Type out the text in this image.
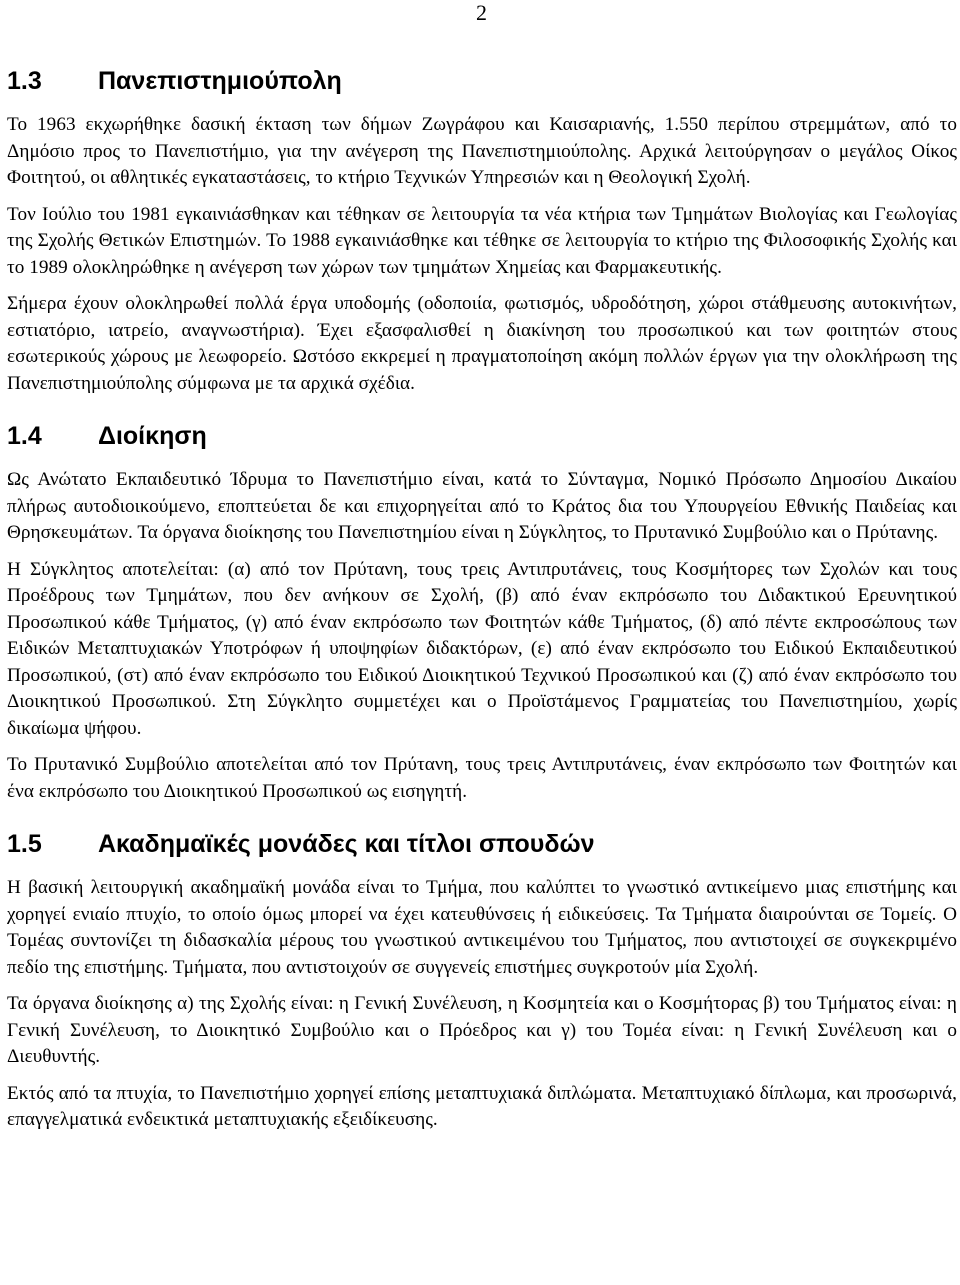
2
1.3	Πανεπιστημιούπολη

Το 1963 εκχωρήθηκε δασική έκταση των δήμων Ζωγράφου και Καισαριανής, 1.550 περίπου στρεμμάτων, από το Δημόσιο προς το Πανεπιστήμιο, για την ανέγερση της Πανεπιστημιούπολης. Αρχικά λειτούργησαν ο μεγάλος Οίκος Φοιτητού, οι αθλητικές εγκαταστάσεις, το κτήριο Τεχνικών Υπηρεσιών και η Θεολογική Σχολή.

Τον Ιούλιο του 1981 εγκαινιάσθηκαν και τέθηκαν σε λειτουργία τα νέα κτήρια των Τμημάτων Βιολογίας και Γεωλογίας της Σχολής Θετικών Επιστημών. Το 1988 εγκαινιάσθηκε και τέθηκε σε λειτουργία το κτήριο της Φιλοσοφικής Σχολής και το 1989 ολοκληρώθηκε η ανέγερση των χώρων των τμημάτων Χημείας και Φαρμακευτικής.

Σήμερα έχουν ολοκληρωθεί πολλά έργα υποδομής (οδοποιία, φωτισμός, υδροδότηση, χώροι στάθμευσης αυτοκινήτων, εστιατόριο, ιατρείο, αναγνωστήρια). Έχει εξασφαλισθεί η διακίνηση του προσωπικού και των φοιτητών στους εσωτερικούς χώρους με λεωφορείο. Ωστόσο εκκρεμεί η πραγματοποίηση ακόμη πολλών έργων για την ολοκλήρωση της Πανεπιστημιούπολης σύμφωνα με τα αρχικά σχέδια.

1.4	Διοίκηση

Ως Ανώτατο Εκπαιδευτικό Ίδρυμα το Πανεπιστήμιο είναι, κατά το Σύνταγμα, Νομικό Πρόσωπο Δημοσίου Δικαίου πλήρως αυτοδιοικούμενο, εποπτεύεται δε και επιχορηγείται από το Κράτος δια του Υπουργείου Εθνικής Παιδείας και Θρησκευμάτων. Τα όργανα διοίκησης του Πανεπιστημίου είναι η Σύγκλητος, το Πρυτανικό Συμβούλιο και ο Πρύτανης.

Η Σύγκλητος αποτελείται: (α) από τον Πρύτανη, τους τρεις Αντιπρυτάνεις, τους Κοσμήτορες των Σχολών και τους Προέδρους των Τμημάτων, που δεν ανήκουν σε Σχολή, (β) από έναν εκπρόσωπο του Διδακτικού Ερευνητικού Προσωπικού κάθε Τμήματος, (γ) από έναν εκπρόσωπο των Φοιτητών κάθε Τμήματος, (δ) από πέντε εκπροσώπους των Ειδικών Μεταπτυχιακών Υποτρόφων ή υποψηφίων διδακτόρων, (ε) από έναν εκπρόσωπο του Ειδικού Εκπαιδευτικού Προσωπικού, (στ) από έναν εκπρόσωπο του Ειδικού Διοικητικού Τεχνικού Προσωπικού και (ζ) από έναν εκπρόσωπο του Διοικητικού Προσωπικού. Στη Σύγκλητο συμμετέχει και ο Προϊστάμενος Γραμματείας του Πανεπιστημίου, χωρίς δικαίωμα ψήφου.

Το Πρυτανικό Συμβούλιο αποτελείται από τον Πρύτανη, τους τρεις Αντιπρυτάνεις, έναν εκπρόσωπο των Φοιτητών και ένα εκπρόσωπο του Διοικητικού Προσωπικού ως εισηγητή.

1.5	Ακαδημαϊκές μονάδες και τίτλοι σπουδών

Η βασική λειτουργική ακαδημαϊκή μονάδα είναι το Τμήμα, που καλύπτει το γνωστικό αντικείμενο μιας επιστήμης και χορηγεί ενιαίο πτυχίο, το οποίο όμως μπορεί να έχει κατευθύνσεις ή ειδικεύσεις. Τα Τμήματα διαιρούνται σε Τομείς. Ο Τομέας συντονίζει τη διδασκαλία μέρους του γνωστικού αντικειμένου του Τμήματος, που αντιστοιχεί σε συγκεκριμένο πεδίο της επιστήμης. Τμήματα, που αντιστοιχούν σε συγγενείς επιστήμες συγκροτούν μία Σχολή.

Τα όργανα διοίκησης α) της Σχολής είναι: η Γενική Συνέλευση, η Κοσμητεία και ο Κοσμήτορας β) του Τμήματος είναι: η Γενική Συνέλευση, το Διοικητικό Συμβούλιο και ο Πρόεδρος και γ) του Τομέα είναι: η Γενική Συνέλευση και ο Διευθυντής.

Εκτός από τα πτυχία, το Πανεπιστήμιο χορηγεί επίσης μεταπτυχιακά διπλώματα. Μεταπτυχιακό δίπλωμα, και προσωρινά, επαγγελματικά ενδεικτικά μεταπτυχιακής εξειδίκευσης.
